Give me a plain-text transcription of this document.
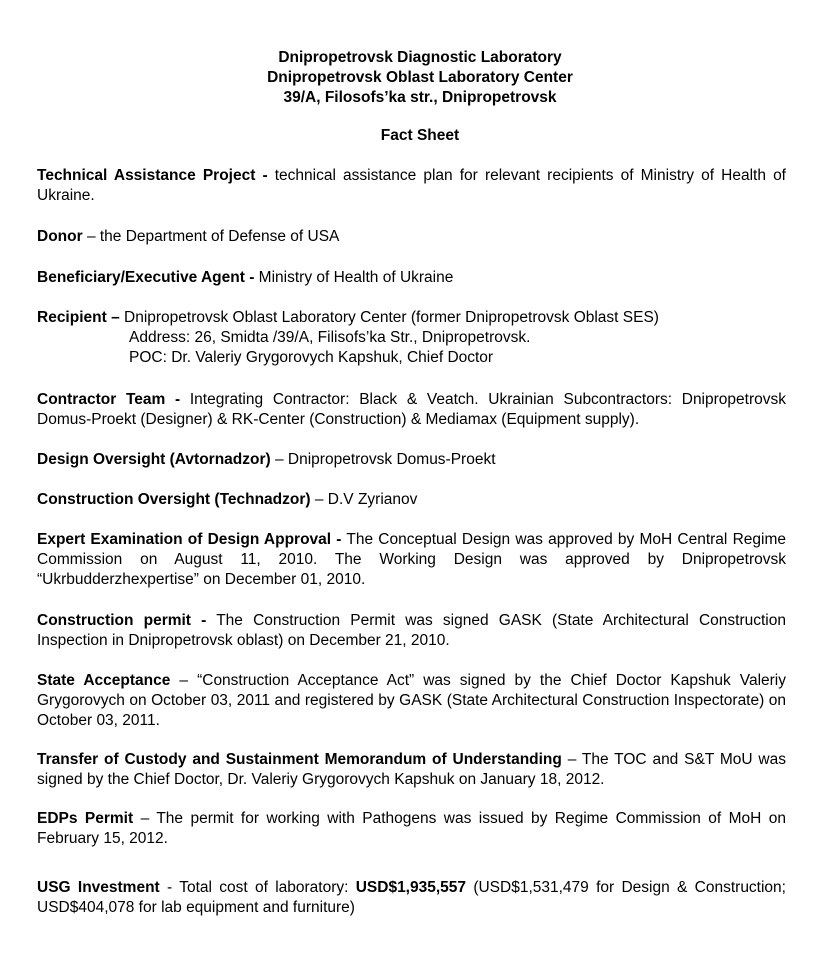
Dnipropetrovsk Diagnostic Laboratory
Dnipropetrovsk Oblast Laboratory Center
39/A, Filosofs’ka str., Dnipropetrovsk
Fact Sheet
Technical Assistance Project - technical assistance plan for relevant recipients of Ministry of Health of Ukraine.
Donor – the Department of Defense of USA
Beneficiary/Executive Agent - Ministry of Health of Ukraine
Recipient – Dnipropetrovsk Oblast Laboratory Center (former Dnipropetrovsk Oblast SES)
Address: 26, Smidta /39/A, Filisofs’ka Str., Dnipropetrovsk.
POC: Dr. Valeriy Grygorovych Kapshuk, Chief Doctor
Contractor Team - Integrating Contractor: Black & Veatch. Ukrainian Subcontractors: Dnipropetrovsk Domus-Proekt (Designer) & RK-Center (Construction) & Mediamax (Equipment supply).
Design Oversight (Avtornadzor) – Dnipropetrovsk Domus-Proekt
Construction Oversight (Technadzor) – D.V Zyrianov
Expert Examination of Design Approval - The Conceptual Design was approved by MoH Central Regime Commission on August 11, 2010. The Working Design was approved by Dnipropetrovsk “Ukrbudderzhexpertise” on December 01, 2010.
Construction permit - The Construction Permit was signed GASK (State Architectural Construction Inspection in Dnipropetrovsk oblast) on December 21, 2010.
State Acceptance – “Construction Acceptance Act” was signed by the Chief Doctor Kapshuk Valeriy Grygorovych on October 03, 2011 and registered by GASK (State Architectural Construction Inspectorate) on October 03, 2011.
Transfer of Custody and Sustainment Memorandum of Understanding – The TOC and S&T MoU was signed by the Chief Doctor, Dr. Valeriy Grygorovych Kapshuk on January 18, 2012.
EDPs Permit – The permit for working with Pathogens was issued by Regime Commission of MoH on February 15, 2012.
USG Investment - Total cost of laboratory: USD$1,935,557 (USD$1,531,479 for Design & Construction; USD$404,078 for lab equipment and furniture)
